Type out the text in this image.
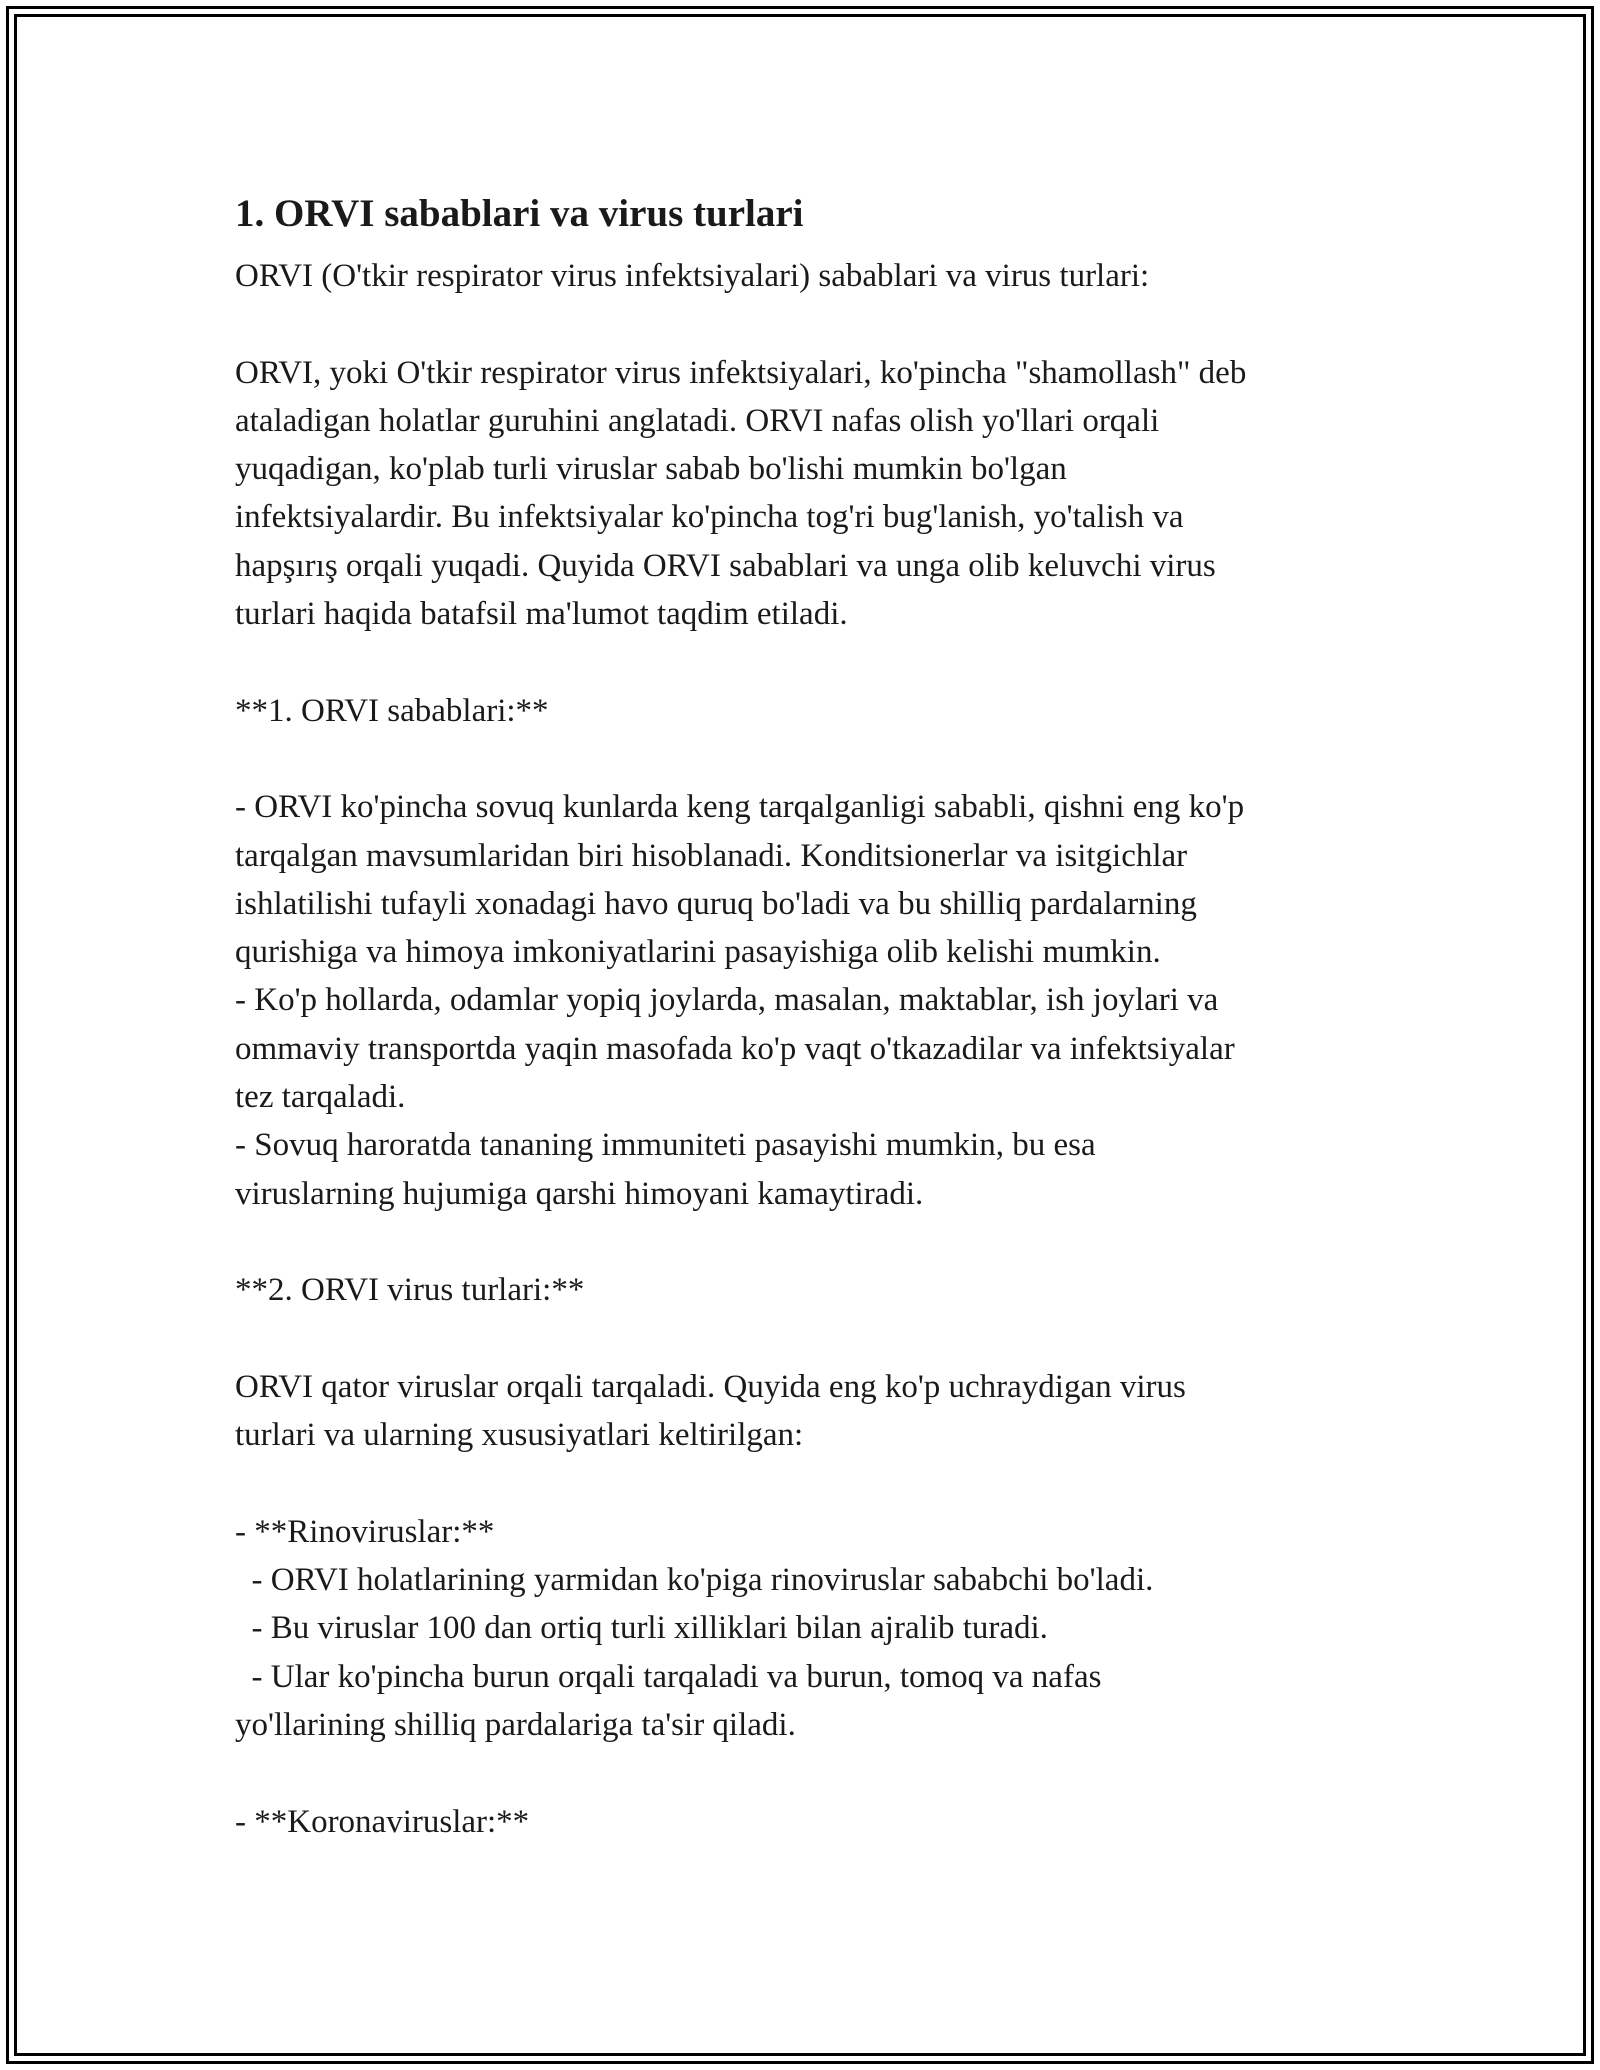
1. ORVI sabablari va virus turlari
ORVI (O'tkir respirator virus infektsiyalari) sabablari va virus turlari:
ORVI, yoki O'tkir respirator virus infektsiyalari, ko'pincha "shamollash" deb
ataladigan holatlar guruhini anglatadi. ORVI nafas olish yo'llari orqali
yuqadigan, ko'plab turli viruslar sabab bo'lishi mumkin bo'lgan
infektsiyalardir. Bu infektsiyalar ko'pincha tog'ri bug'lanish, yo'talish va
hapşırış orqali yuqadi. Quyida ORVI sabablari va unga olib keluvchi virus
turlari haqida batafsil ma'lumot taqdim etiladi.
**1. ORVI sabablari:**
- ORVI ko'pincha sovuq kunlarda keng tarqalganligi sababli, qishni eng ko'p
tarqalgan mavsumlaridan biri hisoblanadi. Konditsionerlar va isitgichlar
ishlatilishi tufayli xonadagi havo quruq bo'ladi va bu shilliq pardalarning
qurishiga va himoya imkoniyatlarini pasayishiga olib kelishi mumkin.
- Ko'p hollarda, odamlar yopiq joylarda, masalan, maktablar, ish joylari va
ommaviy transportda yaqin masofada ko'p vaqt o'tkazadilar va infektsiyalar
tez tarqaladi.
- Sovuq haroratda tananing immuniteti pasayishi mumkin, bu esa
viruslarning hujumiga qarshi himoyani kamaytiradi.
**2. ORVI virus turlari:**
ORVI qator viruslar orqali tarqaladi. Quyida eng ko'p uchraydigan virus
turlari va ularning xususiyatlari keltirilgan:
- **Rinoviruslar:**
- ORVI holatlarining yarmidan ko'piga rinoviruslar sababchi bo'ladi.
- Bu viruslar 100 dan ortiq turli xilliklari bilan ajralib turadi.
- Ular ko'pincha burun orqali tarqaladi va burun, tomoq va nafas
yo'llarining shilliq pardalariga ta'sir qiladi.
- **Koronaviruslar:**
